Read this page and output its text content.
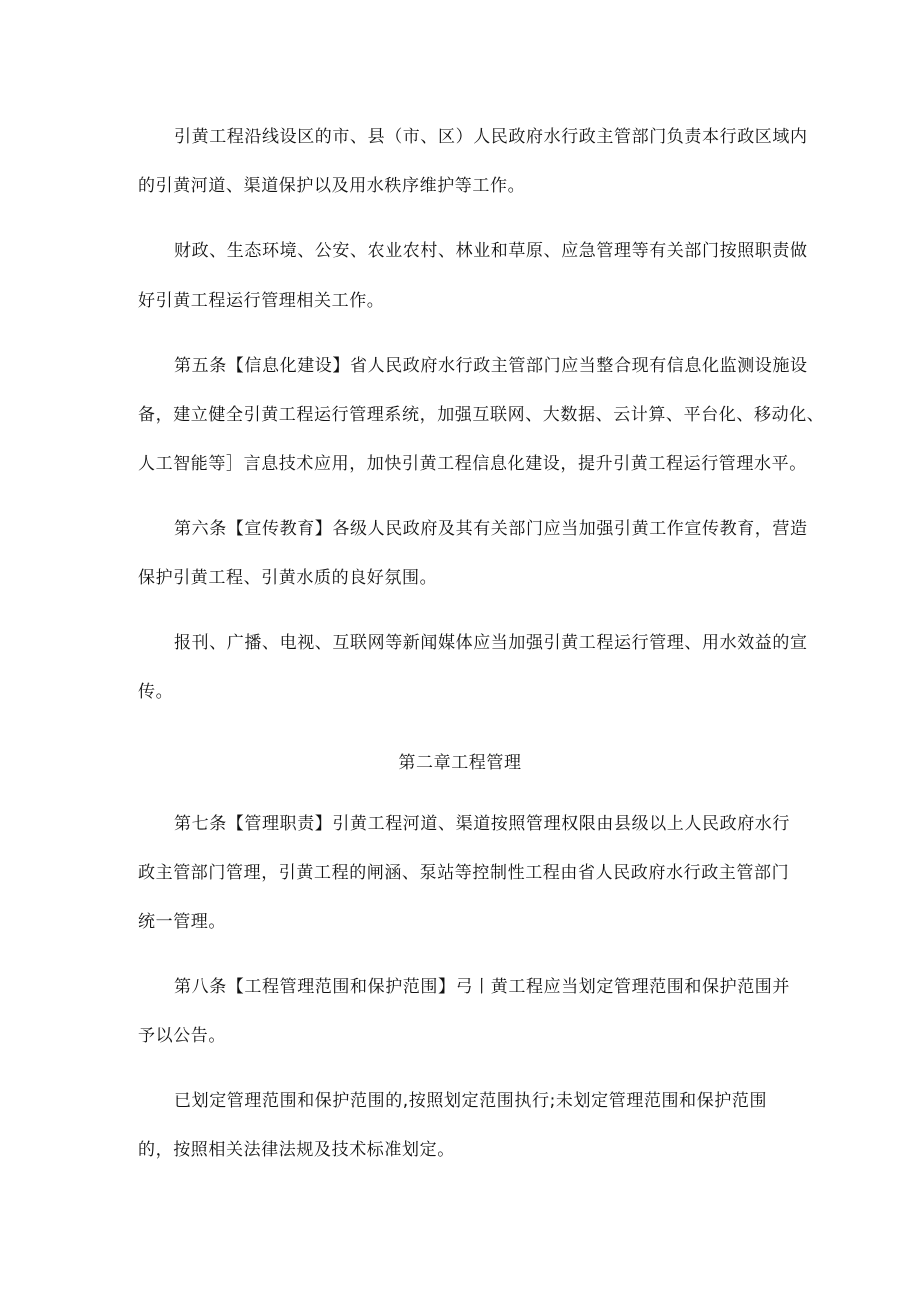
引黄工程沿线设区的市、县（市、区）人民政府水行政主管部门负责本行政区域内
的引黄河道、渠道保护以及用水秩序维护等工作。
财政、生态环境、公安、农业农村、林业和草原、应急管理等有关部门按照职责做
好引黄工程运行管理相关工作。
第五条【信息化建设】省人民政府水行政主管部门应当整合现有信息化监测设施设
备，建立健全引黄工程运行管理系统，加强互联网、大数据、云计算、平台化、移动化、
人工智能等］言息技术应用，加快引黄工程信息化建设，提升引黄工程运行管理水平。
第六条【宣传教育】各级人民政府及其有关部门应当加强引黄工作宣传教育，营造
保护引黄工程、引黄水质的良好氛围。
报刊、广播、电视、互联网等新闻媒体应当加强引黄工程运行管理、用水效益的宣
传。
第二章工程管理
第七条【管理职责】引黄工程河道、渠道按照管理权限由县级以上人民政府水行
政主管部门管理，引黄工程的闸涵、泵站等控制性工程由省人民政府水行政主管部门
统一管理。
第八条【工程管理范围和保护范围】弓丨黄工程应当划定管理范围和保护范围并
予以公告。
已划定管理范围和保护范围的,按照划定范围执行;未划定管理范围和保护范围
的，按照相关法律法规及技术标准划定。
